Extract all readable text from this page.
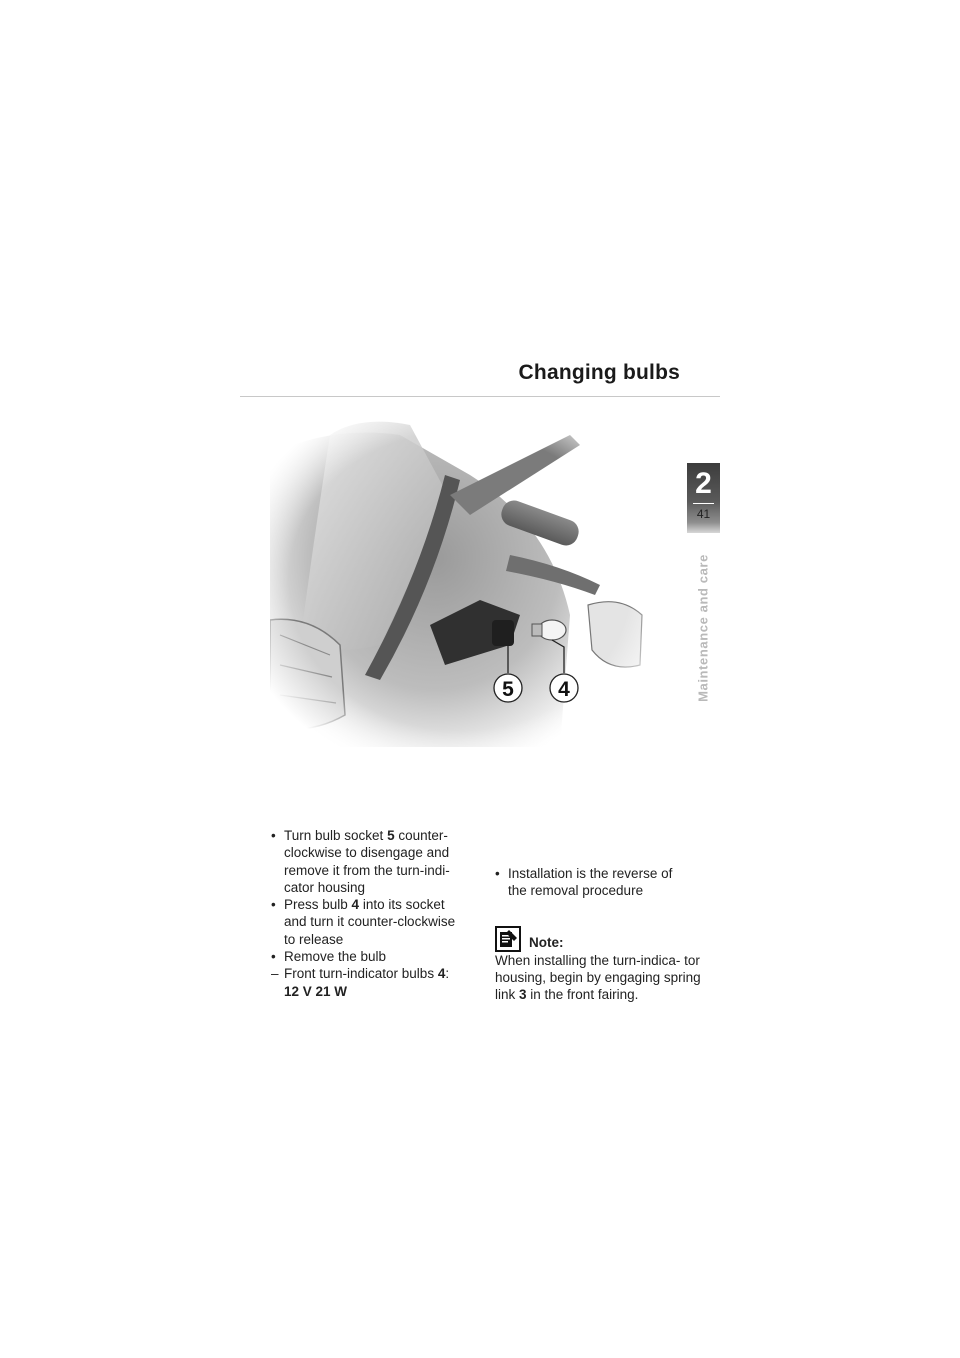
Changing bulbs
2
41
Maintenance and care
5 4
• Turn bulb socket 5 counter-
clockwise to disengage and
remove it from the turn-indi-
cator housing
• Press bulb 4 into its socket
and turn it counter-clockwise
to release
• Remove the bulb
– Front turn-indicator bulbs 4:
12 V 21 W
• Installation is the reverse of
the removal procedure
Note:
When installing the turn-indica- tor housing, begin by engaging spring link 3 in the front fairing.
